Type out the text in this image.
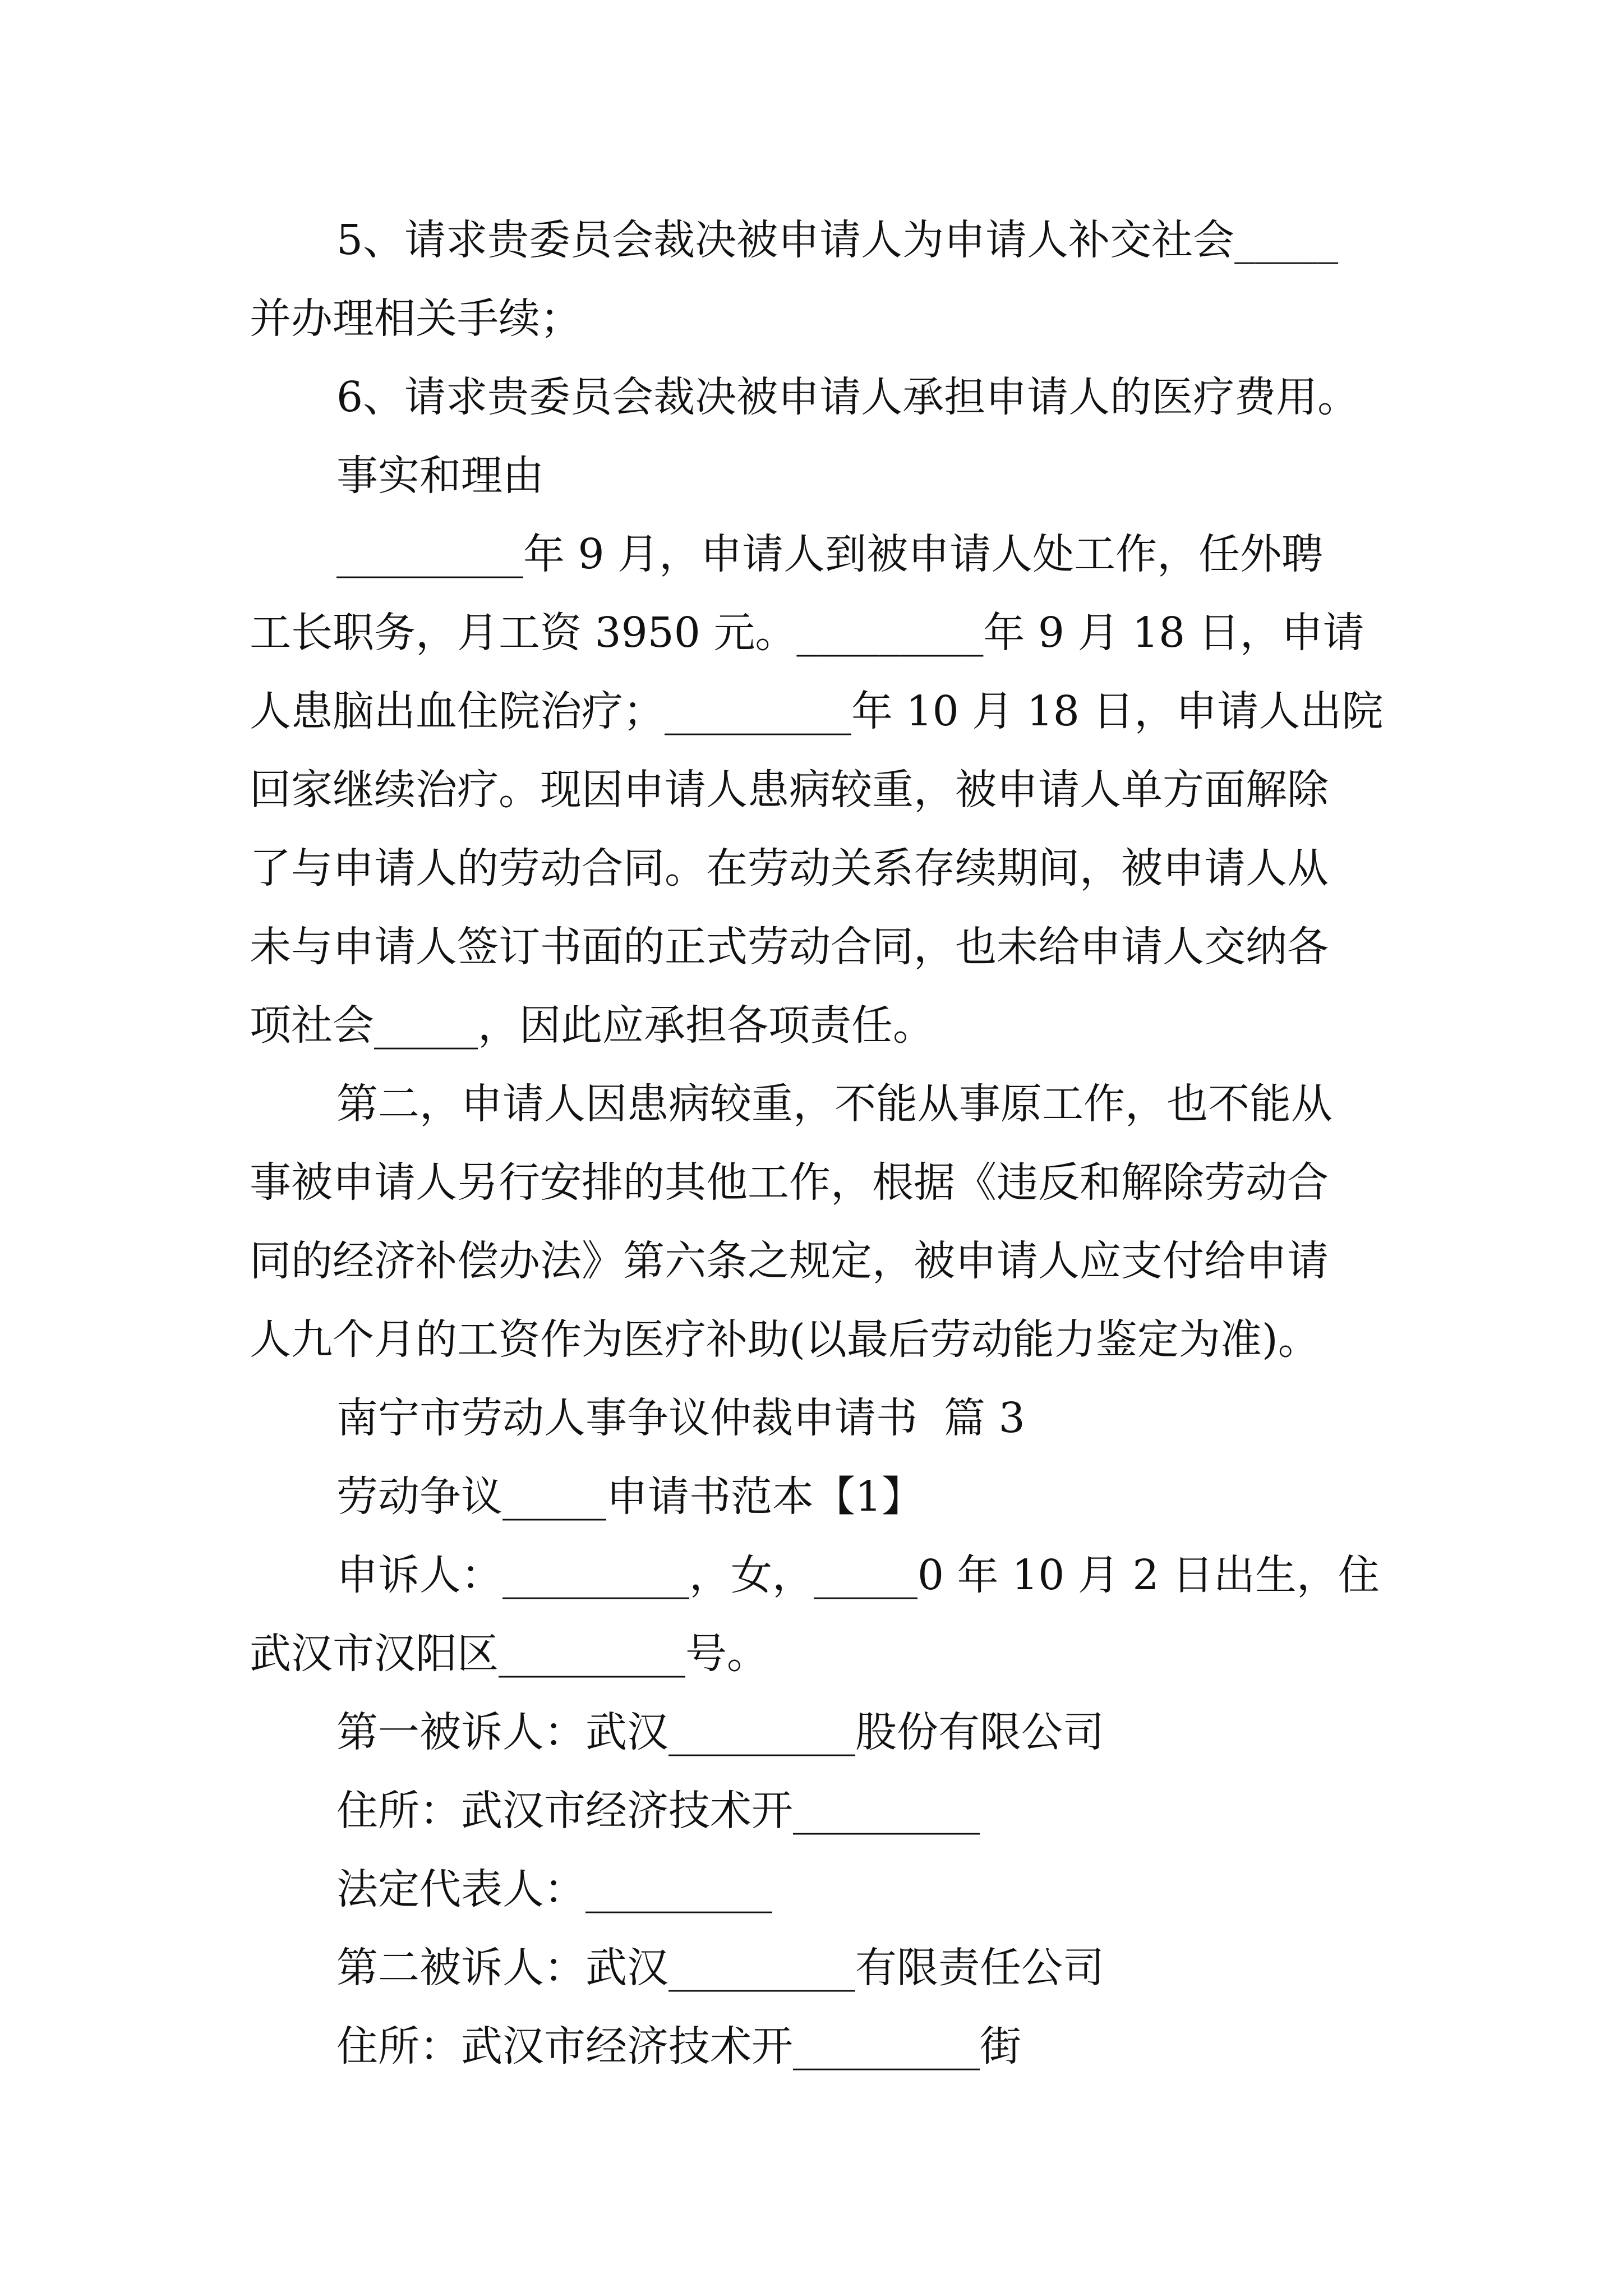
5、请求贵委员会裁决被申请人为申请人补交社会_____
并办理相关手续；
6、请求贵委员会裁决被申请人承担申请人的医疗费用。
事实和理由
_________年 9 月，申请人到被申请人处工作，任外聘
工长职务，月工资 3950 元。_________年 9 月 18 日，申请
人患脑出血住院治疗；_________年 10 月 18 日，申请人出院
回家继续治疗。现因申请人患病较重，被申请人单方面解除
了与申请人的劳动合同。在劳动关系存续期间，被申请人从
未与申请人签订书面的正式劳动合同，也未给申请人交纳各
项社会_____，因此应承担各项责任。
第二，申请人因患病较重，不能从事原工作，也不能从
事被申请人另行安排的其他工作，根据《违反和解除劳动合
同的经济补偿办法》第六条之规定，被申请人应支付给申请
人九个月的工资作为医疗补助(以最后劳动能力鉴定为准)。
南宁市劳动人事争议仲裁申请书  篇 3
劳动争议_____申请书范本【1】
申诉人：_________，女，_____0 年 10 月 2 日出生，住
武汉市汉阳区_________号。
第一被诉人：武汉_________股份有限公司
住所：武汉市经济技术开_________
法定代表人：_________
第二被诉人：武汉_________有限责任公司
住所：武汉市经济技术开_________街
